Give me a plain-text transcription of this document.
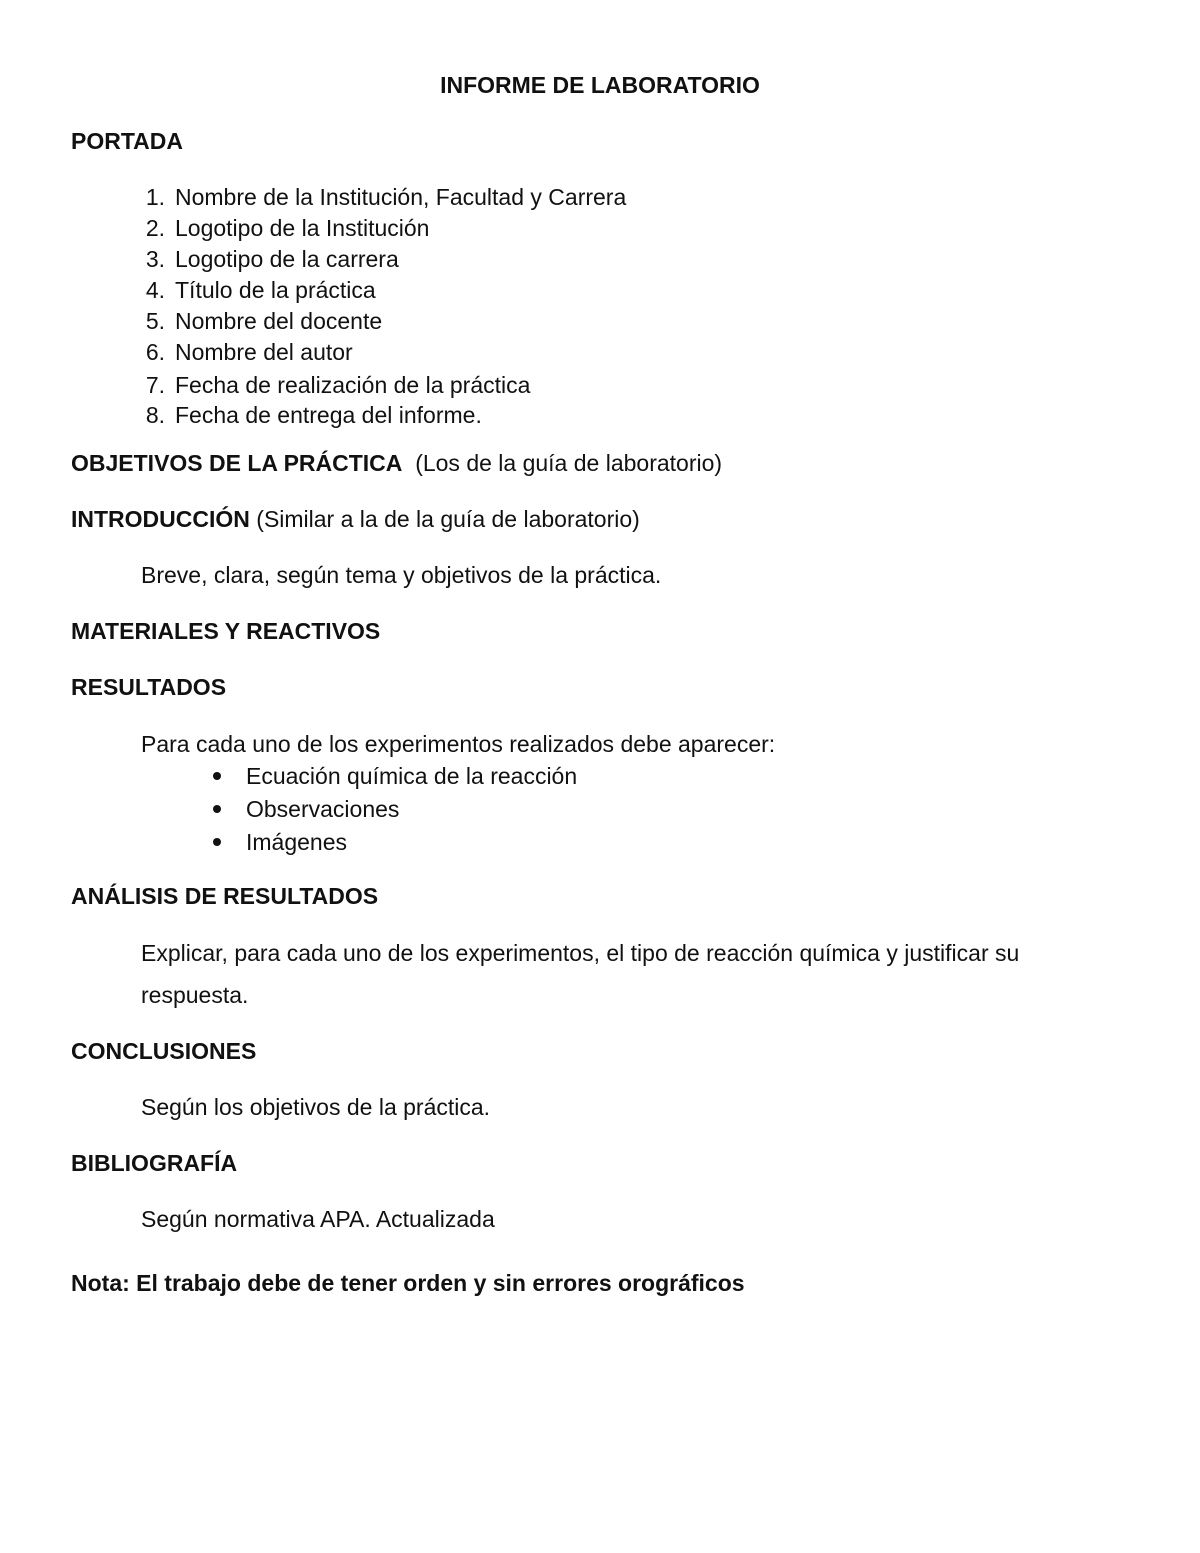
INFORME DE LABORATORIO
PORTADA
1. Nombre de la Institución, Facultad y Carrera
2. Logotipo de la Institución
3. Logotipo de la carrera
4. Título de la práctica
5. Nombre del docente
6. Nombre del autor
7. Fecha de realización de la práctica
8. Fecha de entrega del informe.
OBJETIVOS DE LA PRÁCTICA (Los de la guía de laboratorio)
INTRODUCCIÓN (Similar a la de la guía de laboratorio)
Breve, clara, según tema y objetivos de la práctica.
MATERIALES Y REACTIVOS
RESULTADOS
Para cada uno de los experimentos realizados debe aparecer:
Ecuación química de la reacción
Observaciones
Imágenes
ANÁLISIS DE RESULTADOS
Explicar, para cada uno de los experimentos, el tipo de reacción química y justificar su
respuesta.
CONCLUSIONES
Según los objetivos de la práctica.
BIBLIOGRAFÍA
Según normativa APA. Actualizada
Nota: El trabajo debe de tener orden y sin errores orográficos
